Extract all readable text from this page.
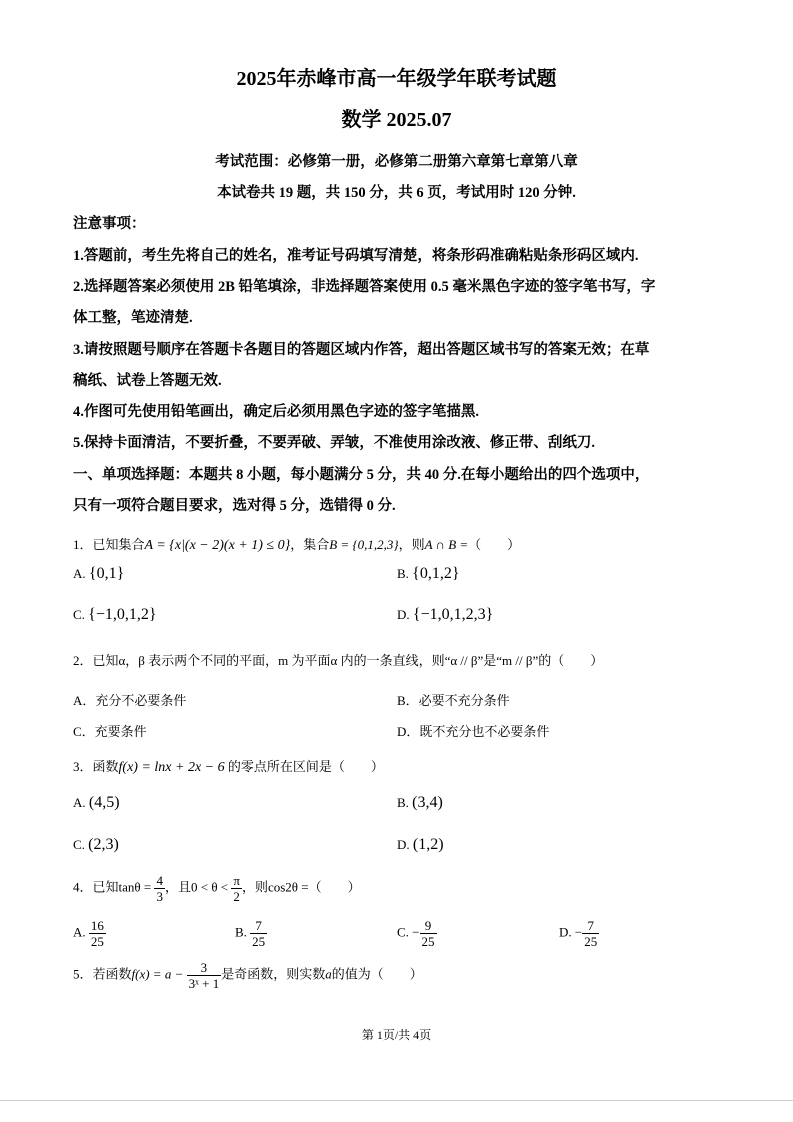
2025年赤峰市高一年级学年联考试题
数学 2025.07
考试范围：必修第一册，必修第二册第六章第七章第八章
本试卷共 19 题，共 150 分，共 6 页，考试用时 120 分钟.
注意事项：
1.答题前，考生先将自己的姓名，准考证号码填写清楚，将条形码准确粘贴条形码区域内.
2.选择题答案必须使用 2B 铅笔填涂，非选择题答案使用 0.5 毫米黑色字迹的签字笔书写，字
体工整，笔迹清楚.
3.请按照题号顺序在答题卡各题目的答题区域内作答，超出答题区域书写的答案无效；在草
稿纸、试卷上答题无效.
4.作图可先使用铅笔画出，确定后必须用黑色字迹的签字笔描黑.
5.保持卡面清洁，不要折叠，不要弄破、弄皱，不准使用涂改液、修正带、刮纸刀.
一、单项选择题：本题共 8 小题，每小题满分 5 分，共 40 分.在每小题给出的四个选项中，
只有一项符合题目要求，选对得 5 分，选错得 0 分.
1．已知集合A = {x|(x − 2)(x + 1) ≤ 0}，集合B = {0,1,2,3}，则A ∩ B =（　　）
A. {0,1}	B. {0,1,2}
C. {−1,0,1,2}	D. {−1,0,1,2,3}
2．已知α，β 表示两个不同的平面，m 为平面α 内的一条直线，则“α // β”是“m // β”的（　　）
A．充分不必要条件	B．必要不充分条件
C．充要条件	D．既不充分也不必要条件
3．函数f(x) = lnx + 2x − 6 的零点所在区间是（　　）
A. (4,5)	B. (3,4)
C. (2,3)	D. (1,2)
4．已知$\tan\theta = \frac{4}{3}$ ，且$0 < \theta < \frac{\pi}{2}$ ，则cos2θ =（　　）
A. $\frac{16}{25}$	B. $\frac{7}{25}$	C. − $\frac{9}{25}$	D. − $\frac{7}{25}$
5．若函数$f(x) = a - \frac{3}{\text{3ˣ + 1}}$ 是奇函数，则实数a的值为（　　）
第 1页/共 4页
